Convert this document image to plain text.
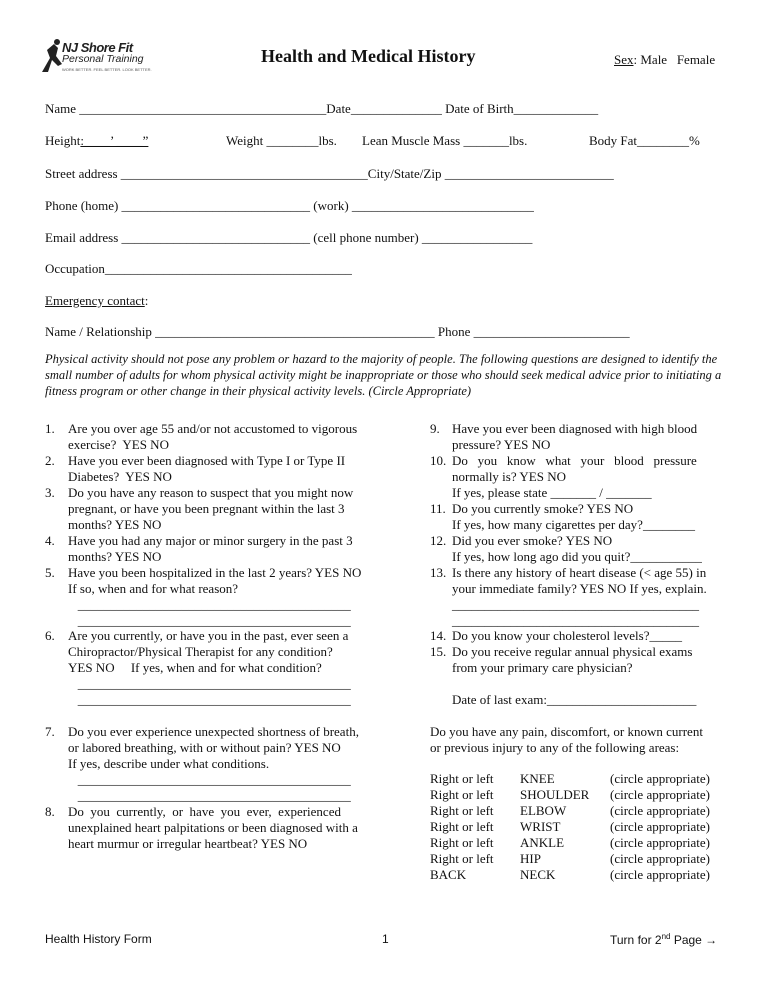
NJ Shore Fit
Personal Training
WORK BETTER. FEEL BETTER. LOOK BETTER.
Health and Medical History	Sex: Male   Female
Name ______________________________________Date______________ Date of Birth_____________
Height:____’ ____”	Weight ________lbs. Lean Muscle Mass _______lbs.	Body Fat________%
Street address ______________________________________City/State/Zip __________________________
Phone (home) _____________________________ (work) ____________________________
Email address _____________________________ (cell phone number) _________________
Occupation______________________________________
Emergency contact:
Name / Relationship ___________________________________________ Phone ________________________
Physical activity should not pose any problem or hazard to the majority of people. The following questions are designed to identify the small number of adults for whom physical activity might be inappropriate or those who should seek medical advice prior to initiating a fitness program or other change in their physical activity levels. (Circle Appropriate)
1. Are you over age 55 and/or not accustomed to vigorous
exercise?  YES NO
2. Have you ever been diagnosed with Type I or Type II
Diabetes?  YES NO
3. Do you have any reason to suspect that you might now
pregnant, or have you been pregnant within the last 3
months? YES NO
4. Have you had any major or minor surgery in the past 3
months? YES NO
5. Have you been hospitalized in the last 2 years? YES NO
If so, when and for what reason?
__________________________________________
__________________________________________
6. Are you currently, or have you in the past, ever seen a
Chiropractor/Physical Therapist for any condition?
YES NO     If yes, when and for what condition?
__________________________________________
__________________________________________
7. Do you ever experience unexpected shortness of breath,
or labored breathing, with or without pain? YES NO
If yes, describe under what conditions.
__________________________________________
__________________________________________
8. Do  you  currently,  or  have  you  ever,  experienced
unexplained heart palpitations or been diagnosed with a
heart murmur or irregular heartbeat? YES NO
9. Have you ever been diagnosed with high blood
pressure? YES NO
10. Do   you   know   what   your   blood   pressure
normally is? YES NO
If yes, please state _______ / _______
11. Do you currently smoke? YES NO
If yes, how many cigarettes per day?________
12. Did you ever smoke? YES NO
If yes, how long ago did you quit?___________
13. Is there any history of heart disease (< age 55) in
your immediate family? YES NO If yes, explain.
______________________________________
______________________________________
14. Do you know your cholesterol levels?_____
15. Do you receive regular annual physical exams
from your primary care physician?
Date of last exam:_______________________
Do you have any pain, discomfort, or known current
or previous injury to any of the following areas:
Right or left KNEE	(circle appropriate)
Right or left SHOULDER (circle appropriate)
Right or left ELBOW	(circle appropriate)
Right or left WRIST	(circle appropriate)
Right or left ANKLE	(circle appropriate)
Right or left HIP	(circle appropriate)
BACK	NECK	(circle appropriate)
Health History Form	1	Turn for 2nd Page →
